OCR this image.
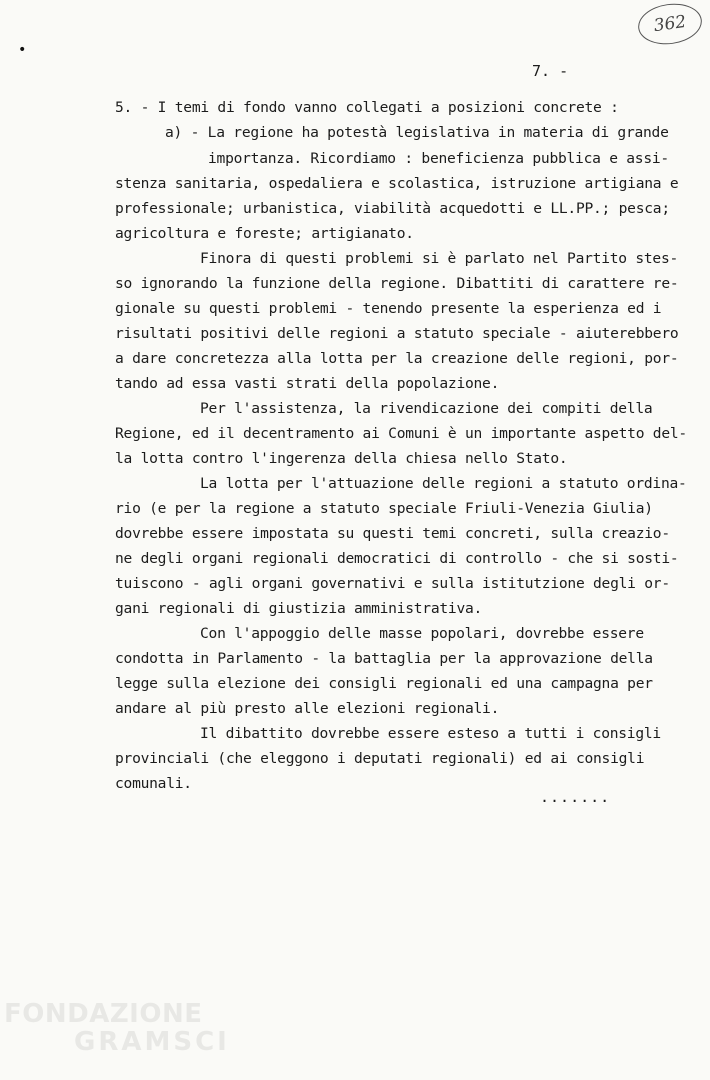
362
•
7. -
5. - I temi di fondo vanno collegati a posizioni concrete :
a) - La regione ha potestà legislativa in materia di grande
importanza. Ricordiamo : beneficienza pubblica e assi-
stenza sanitaria, ospedaliera e scolastica, istruzione artigiana e
professionale; urbanistica, viabilità acquedotti e LL.PP.; pesca;
agricoltura e foreste; artigianato.
Finora di questi problemi si è parlato nel Partito stes-
so ignorando la funzione della regione. Dibattiti di carattere re-
gionale su questi problemi - tenendo presente la esperienza ed i
risultati positivi delle regioni a statuto speciale - aiuterebbero
a dare concretezza alla lotta per la creazione delle regioni, por-
tando ad essa vasti strati della popolazione.
Per l'assistenza, la rivendicazione dei compiti della
Regione, ed il decentramento ai Comuni è un importante aspetto del-
la lotta contro l'ingerenza della chiesa nello Stato.
La lotta per l'attuazione delle regioni a statuto ordina-
rio (e per la regione a statuto speciale Friuli-Venezia Giulia)
dovrebbe essere impostata su questi temi concreti, sulla creazio-
ne degli organi regionali democratici di controllo - che si sosti-
tuiscono - agli organi governativi e sulla istitutzione degli or-
gani regionali di giustizia amministrativa.
Con l'appoggio delle masse popolari, dovrebbe essere
condotta in Parlamento - la battaglia per la approvazione della
legge sulla elezione dei consigli regionali ed una campagna per
andare al più presto alle elezioni regionali.
Il dibattito dovrebbe essere esteso a tutti i consigli
provinciali (che eleggono i deputati regionali) ed ai consigli
comunali.
.......
FONDAZIONE
GRAMSCI
